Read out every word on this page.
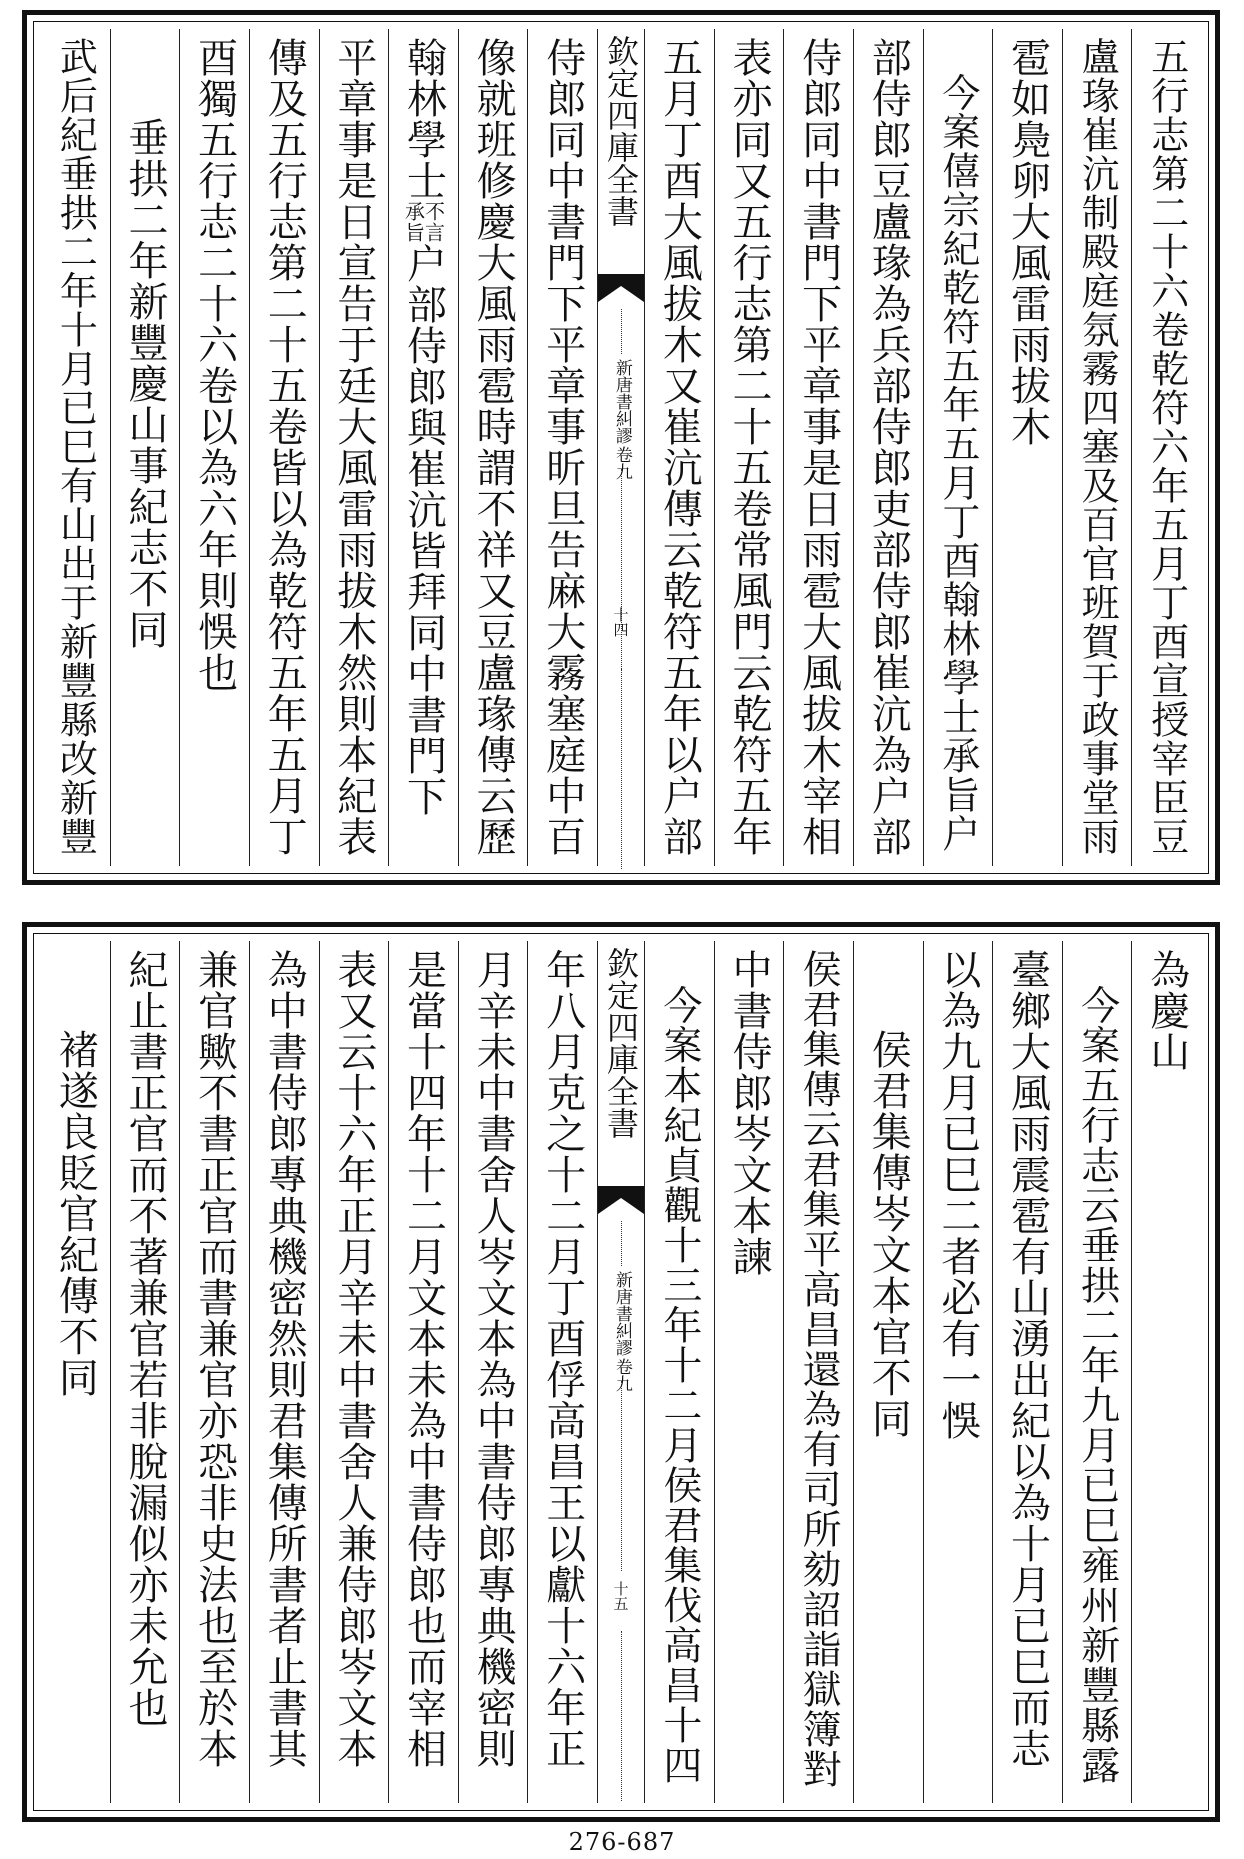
五行志第二十六卷乾符六年五月丁酉宣授宰臣豆
盧瑑崔沆制殿庭氛霧四塞及百官班賀于政事堂雨
雹如鳧卵大風雷雨拔木
今案僖宗紀乾符五年五月丁酉翰林學士承旨户
部侍郎豆盧瑑為兵部侍郎吏部侍郎崔沆為户部
侍郎同中書門下平章事是日雨雹大風拔木宰相
表亦同又五行志第二十五卷常風門云乾符五年
五月丁酉大風拔木又崔沆傳云乾符五年以户部
欽定四庫全書
新唐書糾謬
卷九
十四
侍郎同中書門下平章事昕旦告麻大霧塞庭中百
像就班修慶大風雨雹時謂不祥又豆盧瑑傳云歷
翰林學士
不言
承旨
户部侍郎與崔沆皆拜同中書門下
平章事是日宣告于廷大風雷雨拔木然則本紀表
傳及五行志第二十五卷皆以為乾符五年五月丁
酉獨五行志二十六卷以為六年則悞也
垂拱二年新豐慶山事紀志不同
武后紀垂拱二年十月已巳有山出于新豐縣改新豐
為慶山
今案五行志云垂拱二年九月已巳雍州新豐縣露
臺鄉大風雨震雹有山湧出紀以為十月已巳而志
以為九月已巳二者必有一悞
侯君集傳岑文本官不同
侯君集傳云君集平高昌還為有司所劾詔詣獄簿對
中書侍郎岑文本諫
今案本紀貞觀十三年十二月侯君集伐高昌十四
欽定四庫全書
新唐書糾謬
卷九
十五
年八月克之十二月丁酉俘高昌王以獻十六年正
月辛未中書舍人岑文本為中書侍郎專典機密則
是當十四年十二月文本未為中書侍郎也而宰相
表又云十六年正月辛未中書舍人兼侍郎岑文本
為中書侍郎專典機密然則君集傳所書者止書其
兼官歟不書正官而書兼官亦恐非史法也至於本
紀止書正官而不著兼官若非脫漏似亦未允也
褚遂良貶官紀傳不同
276-687
